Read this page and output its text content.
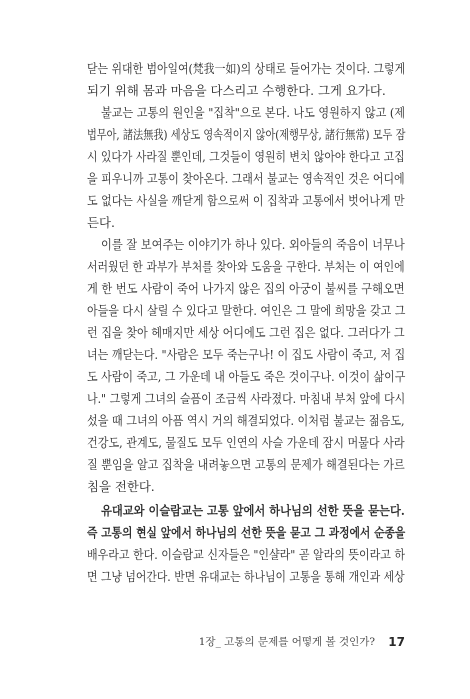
닫는 위대한 범아일여(梵我一如)의 상태로 들어가는 것이다. 그렇게
되기 위해 몸과 마음을 다스리고 수행한다. 그게 요가다.
불교는 고통의 원인을 "집착"으로 본다. 나도 영원하지 않고 (제
법무아, 諸法無我) 세상도 영속적이지 않아(제행무상, 諸行無常) 모두 잠
시 있다가 사라질 뿐인데, 그것들이 영원히 변치 않아야 한다고 고집
을 피우니까 고통이 찾아온다. 그래서 불교는 영속적인 것은 어디에
도 없다는 사실을 깨닫게 함으로써 이 집착과 고통에서 벗어나게 만
든다.
이를 잘 보여주는 이야기가 하나 있다. 외아들의 죽음이 너무나
서러웠던 한 과부가 부처를 찾아와 도움을 구한다. 부처는 이 여인에
게 한 번도 사람이 죽어 나가지 않은 집의 아궁이 불씨를 구해오면
아들을 다시 살릴 수 있다고 말한다. 여인은 그 말에 희망을 갖고 그
런 집을 찾아 헤매지만 세상 어디에도 그런 집은 없다. 그러다가 그
녀는 깨닫는다. "사람은 모두 죽는구나! 이 집도 사람이 죽고, 저 집
도 사람이 죽고, 그 가운데 내 아들도 죽은 것이구나. 이것이 삶이구
나." 그렇게 그녀의 슬픔이 조금씩 사라졌다. 마침내 부처 앞에 다시
섰을 때 그녀의 아픔 역시 거의 해결되었다. 이처럼 불교는 젊음도,
건강도, 관계도, 물질도 모두 인연의 사슬 가운데 잠시 머물다 사라
질 뿐임을 알고 집착을 내려놓으면 고통의 문제가 해결된다는 가르
침을 전한다.
유대교와 이슬람교는 고통 앞에서 하나님의 선한 뜻을 묻는다.
즉 고통의 현실 앞에서 하나님의 선한 뜻을 묻고 그 과정에서 순종을
배우라고 한다. 이슬람교 신자들은 "인샬라" 곧 알라의 뜻이라고 하
면 그냥 넘어간다. 반면 유대교는 하나님이 고통을 통해 개인과 세상
1장_ 고통의 문제를 어떻게 볼 것인가? 17
